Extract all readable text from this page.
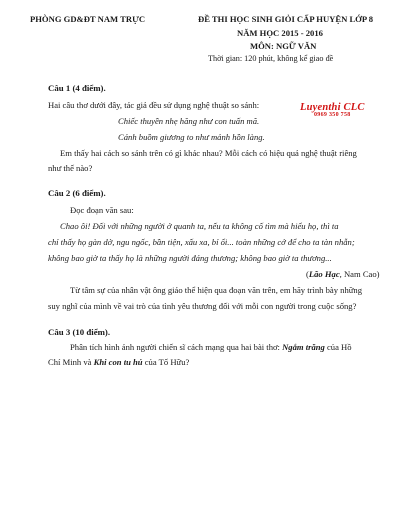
PHÒNG GD&ĐT NAM TRỰC	ĐỀ THI HỌC SINH GIỎI CẤP HUYỆN LỚP 8

NĂM HỌC 2015 - 2016

MÔN: NGỮ VĂN

Thời gian: 120 phút, không kể giao đề

Luyenthi CLC
0969 350 758

Câu 1 (4 điểm).

Hai câu thơ dưới đây, tác giả đều sử dụng nghệ thuật so sánh:

Chiếc thuyền nhẹ hăng như con tuấn mã.

Cánh buồm giương to như mảnh hồn làng.

Em thấy hai cách so sánh trên có gì khác nhau? Mỗi cách có hiệu quả nghệ thuật riêng

như thế nào?

Câu 2 (6 điểm).

Đọc đoạn văn sau:

Chao ôi! Đối với những người ở quanh ta, nếu ta không cố tìm mà hiểu họ, thì ta

chỉ thấy họ gàn dở, ngu ngốc, bần tiện, xấu xa, bỉ ổi... toàn những cớ để cho ta tàn nhẫn;

không bao giờ ta thấy họ là những người đáng thương; không bao giờ ta thương...

(Lão Hạc, Nam Cao)

Từ tâm sự của nhân vật ông giáo thể hiện qua đoạn văn trên, em hãy trình bày những

suy nghĩ của mình về vai trò của tình yêu thương đối với mỗi con người trong cuộc sống?

Câu 3 (10 điểm).

Phân tích hình ảnh người chiến sĩ cách mạng qua hai bài thơ: Ngắm trăng của Hồ

Chí Minh và Khi con tu hú của Tố Hữu?
